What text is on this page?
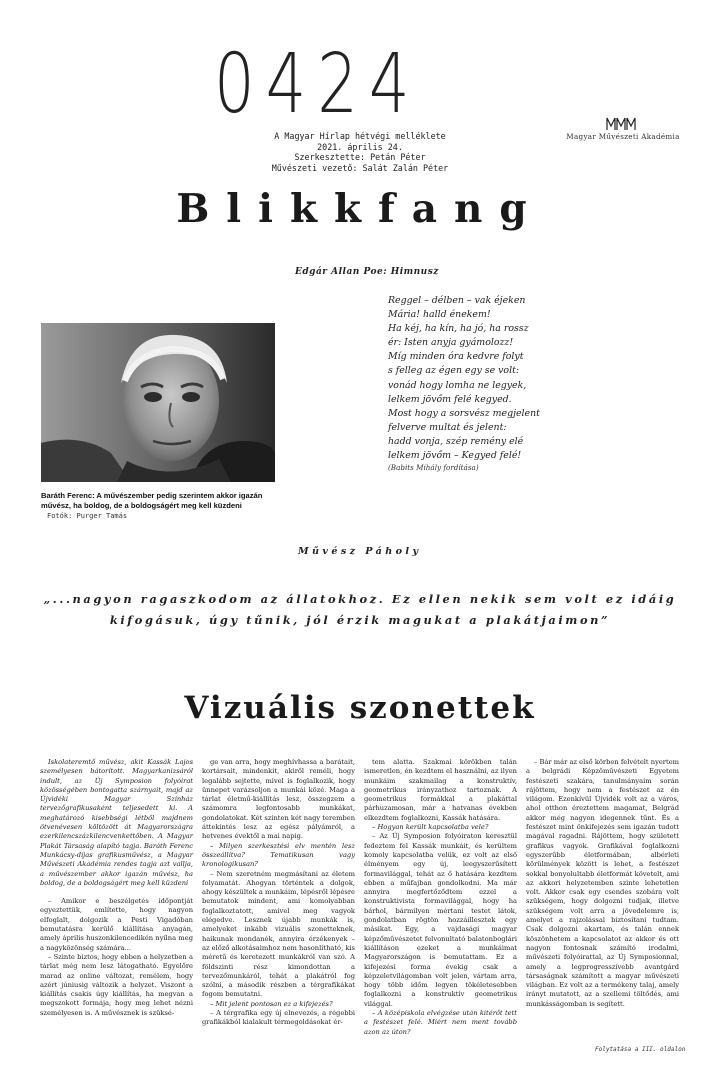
0424
A Magyar Hírlap hétvégi melléklete
2021. április 24.
Szerkesztette: Petán Péter
Művészeti vezető: Salát Zalán Péter
Magyar Művészeti Akadémia
Blikkfang
Edgár Allan Poe: Himnusz
Reggel – délben – vak éjeken
Mária! halld énekem!
Ha kéj, ha kín, ha jó, ha rossz
ér: Isten anyja gyámolozz!
Míg minden óra kedvre folyt
s felleg az égen egy se volt:
vonád hogy lomha ne legyek,
lelkem jövőm felé kegyed.
Most hogy a sorsvész megjelent
felverve multat és jelent:
hadd vonja, szép remény elé
lelkem jövőm – Kegyed felé!
(Babits Mihály fordítása)
Baráth Ferenc: A művészember pedig szerintem akkor igazán művész, ha boldog, de a boldogságért meg kell küzdeni
Fotók: Purger Tamás
Művész Páholy
„...nagyon ragaszkodom az állatokhoz. Ez ellen nekik sem volt ez idáig kifogásuk, úgy tűnik, jól érzik magukat a plakátjaimon”
Vizuális szonettek

Iskolateremtő művész, akit Kassák Lajos személyesen bátorított. Magyarkanizsáról indult, az Új Symposion folyóirat közösségében bontogatta szárnyait, majd az Újvidéki Magyar Színház tervezőgrafikusaként teljesedett ki. A meghatározó kisebbségi létből majdnem ötvenévesen költözött át Magyarországra ezerkilencszázkilencvenkettőben. A Magyar Plakát Társaság alapító tagja. Baráth Ferenc Munkácsy-díjas grafikusművész, a Magyar Művészeti Akadémia rendes tagja azt vallja, a művészember akkor igazán művész, ha boldog, de a boldogságért meg kell küzdeni

– Amikor e beszélgetés időpontját egyeztettük, említette, hogy nagyon elfoglalt, dolgozik a Pesti Vigadóban bemutatásra kerülő kiállítása anyagán, amely április huszonkilencedikén nyílna meg a nagyközönség számára...

– Szinte biztos, hogy ebben a helyzetben a tárlat még nem lesz látogatható. Egyelőre marad az online változat, remélem, hogy azért júniusig változik a helyzet. Viszont a kiállítás csakis úgy kiállítás, ha megvan a megszokott formája, hogy meg lehet nézni személyesen is. A művésznek is szüksé-

ge van arra, hogy meghívhassa a barátait, kortársait, mindenkit, akiről reméli, hogy legalább sejtette, mivel is foglalkozik, hogy ünnepet varázsoljon a munkái közé. Maga a tárlat életmű-kiállítás lesz, összegzem a számomra legfontosabb munkákat, gondolatokat. Két szinten két nagy teremben áttekintés lesz az egész pályámról, a hetvenes évektől a mai napig.

– Milyen szerkesztési elv mentén lesz összeállítva? Tematikusan vagy kronologikusan?

– Nem szeretném megmásítani az életem folyamatát. Ahogyan történtek a dolgok, ahogy készültek a munkáim, lépésről lépésre bemutatok mindent, ami komolyabban foglalkoztatott, amivel meg vagyok elégedve. Lesznek újabb munkák is, amelyeket inkább vizuális szonetteknek, haikunak mondanék, annyira érzékenyek – az előző alkotásaimhoz nem hasonlítható, kis méretű és keretezett munkákról van szó. A földszinti rész kimondottan a tervezőmunkáról, tehát a plakátról fog szólni, a második részben a térgrafikákat fogom bemutatni.

– Mit jelent pontosan ez a kifejezés?

– A térgrafika egy új elnevezés, a régebbi grafikákból kialakult térmegoldásokat ér-

tem alatta. Szakmai körökben talán ismeretlen, én kezdtem el használni, az ilyen munkáim szakmailag a konstruktív, geometrikus irányzathoz tartoznak. A geometrikus formákkal a plakáttal párhuzamosan, már a hatvanas években elkezdtem foglalkozni, Kassák hatására.

– Hogyan került kapcsolatba vele?

– Az Új Symposion folyóiraton keresztül fedeztem fel Kassák munkáit, és kerültem komoly kapcsolatba velük, ez volt az első élményem egy új, leegyszerűsített formavilággal, tehát az ő hatására kezdtem ebben a műfajban gondolkodni. Ma már annyira megfertőződtem ezzel a konstruktivista formavilággal, hogy ha bárhol, bármilyen mértani testet látok, gondolatban rögtön hozzáillesztek egy másikat. Egy, a vajdasági magyar képzőművészetet felvonultató balatonboglári kiállításon ezeket a munkáimat Magyarországon is bemutattam. Ez a kifejezési forma évekig csak a képzeletvilágomban volt jelen, vártam arra, hogy több időm legyen tökéletesebben foglalkozni a konstruktív geometrikus világgal.

– A középiskola elvégzése után kitérőt tett a festészet felé. Miért nem ment tovább azon az úton?

– Bár már az első körben felvételt nyertem a belgrádi Képzőművészeti Egyetem festészeti szakára, tanulmányaim során rájöttem, hogy nem a festészet az én világom. Ezenkívül Újvidék volt az a város, ahol otthon éreztettem magamat, Belgrád akkor még nagyon idegennek tűnt. És a festészet mint önkifejezés sem igazán tudott magával ragadni. Rájöttem, hogy született grafikus vagyok. Grafikával foglalkozni egyszerűbb életformában, albérleti körülmények között is lehet, a festészet sokkal bonyolultabb életformát követelt, ami az akkori helyzetemben szinte lehetetlen volt. Akkor csak egy csendes szobára volt szükségem, hogy dolgozni tudjak, illetve szükségem volt arra a jövedelemre is, amelyet a rajzolással biztosítani tudtam. Csak dolgozni akartam, és talán ennek köszönhetem a kapcsolatot az akkor és ott nagyon fontosnak számító irodalmi, művészeti folyóirattal, az Új Symposionnal, amely a legprogresszívebb avantgárd társaságnak számított a magyar művészeti világban. Ez volt az a termékeny talaj, amely irányt mutatott, az a szellemi töltődés, ami munkásságomban is segített.

Folytatása a III. oldalon
